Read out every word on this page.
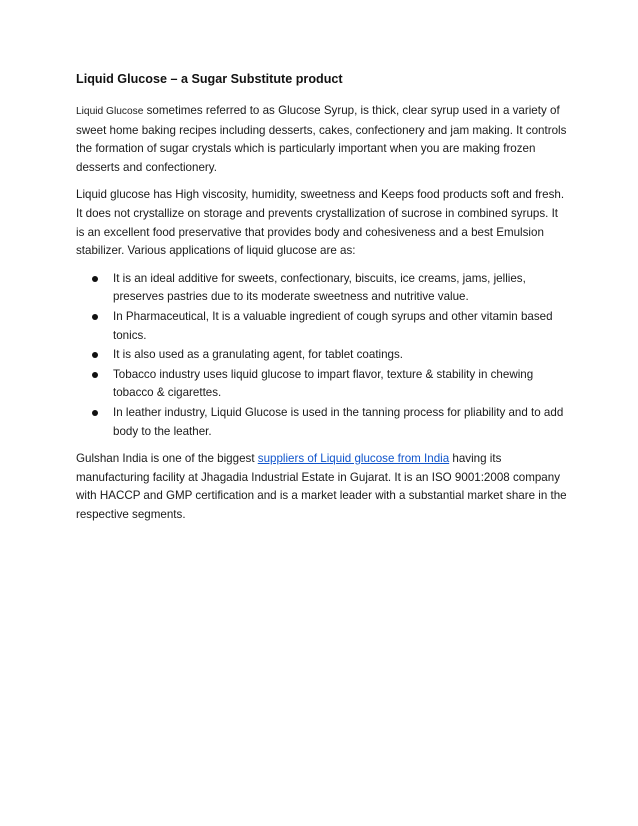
Liquid Glucose – a Sugar Substitute product

Liquid Glucose sometimes referred to as Glucose Syrup, is thick, clear syrup used in a variety of sweet home baking recipes including desserts, cakes, confectionery and jam making. It controls the formation of sugar crystals which is particularly important when you are making frozen desserts and confectionery.

Liquid glucose has High viscosity, humidity, sweetness and Keeps food products soft and fresh. It does not crystallize on storage and prevents crystallization of sucrose in combined syrups. It is an excellent food preservative that provides body and cohesiveness and a best Emulsion stabilizer. Various applications of liquid glucose are as:

It is an ideal additive for sweets, confectionary, biscuits, ice creams, jams, jellies, preserves pastries due to its moderate sweetness and nutritive value.
In Pharmaceutical, It is a valuable ingredient of cough syrups and other vitamin based tonics.
It is also used as a granulating agent, for tablet coatings.
Tobacco industry uses liquid glucose to impart flavor, texture & stability in chewing tobacco & cigarettes.
In leather industry, Liquid Glucose is used in the tanning process for pliability and to add body to the leather.

Gulshan India is one of the biggest suppliers of Liquid glucose from India having its manufacturing facility at Jhagadia Industrial Estate in Gujarat. It is an ISO 9001:2008 company with HACCP and GMP certification and is a market leader with a substantial market share in the respective segments.
